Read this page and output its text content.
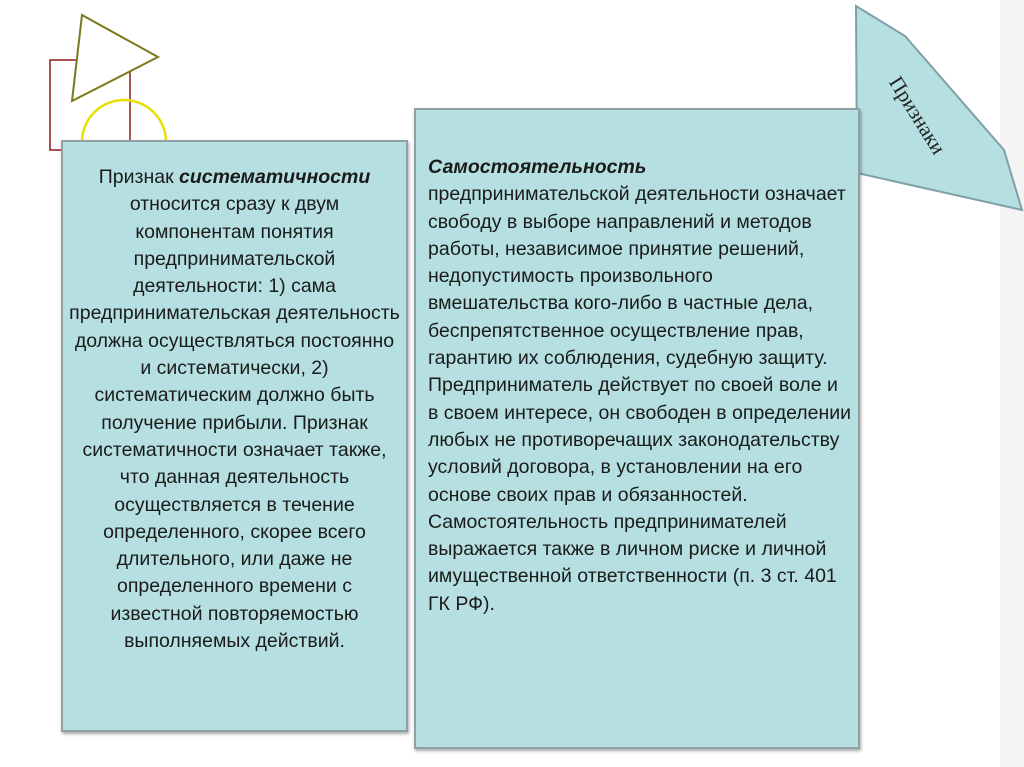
Признак систематичности относится сразу к двум компонентам понятия предпринимательской деятельности: 1) сама предпринимательская деятельность должна осуществляться постоянно и систематически, 2) систематическим должно быть получение прибыли. Признак систематичности означает также, что данная деятельность осуществляется в течение определенного, скорее всего длительного, или даже не определенного времени с известной повторяемостью выполняемых действий.
Самостоятельность предпринимательской деятельности означает свободу в выборе направлений и методов работы, независимое принятие решений, недопустимость произвольного вмешательства кого-либо в частные дела, беспрепятственное осуществление прав, гарантию их соблюдения, судебную защиту. Предприниматель действует по своей воле и в своем интересе, он свободен в определении любых не противоречащих законодательству условий договора, в установлении на его основе своих прав и обязанностей. Самостоятельность предпринимателей выражается также в личном риске и личной имущественной ответственности (п. 3 ст. 401 ГК РФ).
Признаки
